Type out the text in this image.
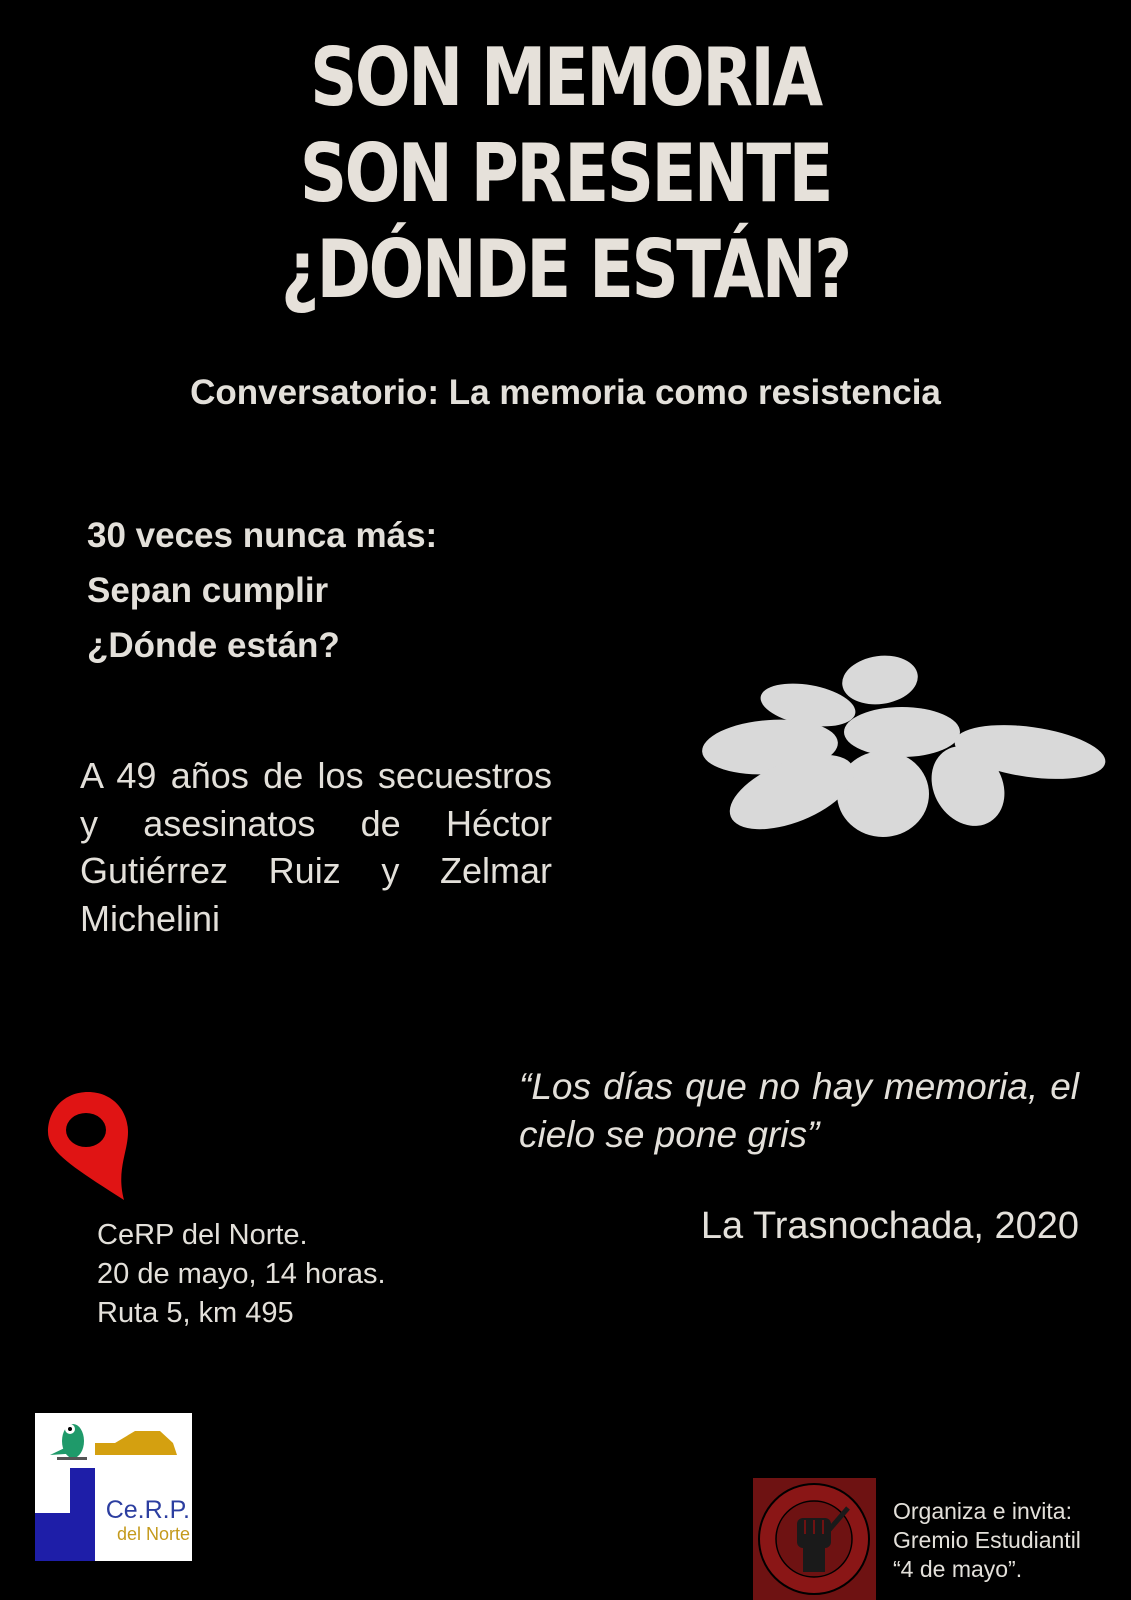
SON MEMORIA
SON PRESENTE
¿DÓNDE ESTÁN?
Conversatorio: La memoria como resistencia
30 veces nunca más:
Sepan cumplir
¿Dónde están?

A 49 años de los secuestros y asesinatos de Héctor Gutiérrez Ruiz y Zelmar Michelini

CeRP del Norte.
20 de mayo, 14 horas.
Ruta 5, km 495

“Los días que no hay memoria, el cielo se pone gris”

La Trasnochada, 2020
Ce.R.P.
del Norte
Organiza e invita:
Gremio Estudiantil
“4 de mayo”.
